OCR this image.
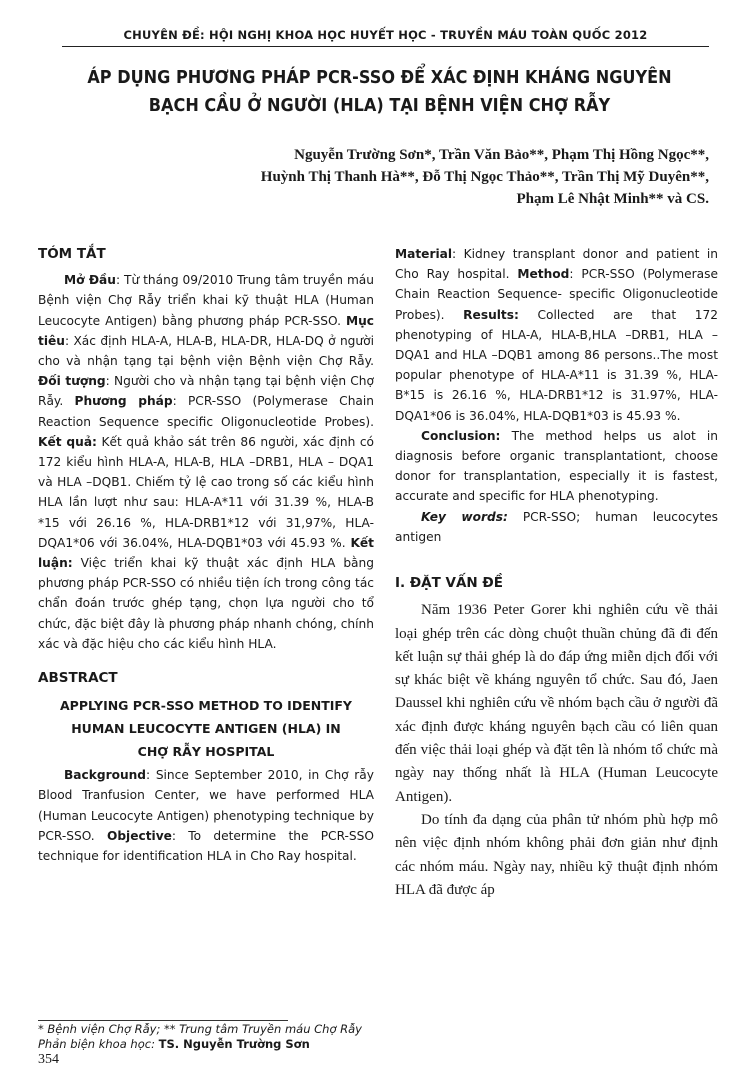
CHUYÊN ĐỀ: HỘI NGHỊ KHOA HỌC HUYẾT HỌC - TRUYỀN MÁU TOÀN QUỐC 2012
ÁP DỤNG PHƯƠNG PHÁP PCR-SSO ĐỂ XÁC ĐỊNH KHÁNG NGUYÊN
BẠCH CẦU Ở NGƯỜI (HLA) TẠI BỆNH VIỆN CHỢ RẪY
Nguyễn Trường Sơn*, Trần Văn Bảo**, Phạm Thị Hồng Ngọc**,
Huỳnh Thị Thanh Hà**, Đỗ Thị Ngọc Thảo**, Trần Thị Mỹ Duyên**,
Phạm Lê Nhật Minh** và CS.
TÓM TẮT

Mở Đầu: Từ tháng 09/2010 Trung tâm truyền máu Bệnh viện Chợ Rẫy triển khai kỹ thuật HLA (Human Leucocyte Antigen) bằng phương pháp PCR-SSO. Mục tiêu: Xác định HLA-A, HLA-B, HLA-DR, HLA-DQ ở người cho và nhận tạng tại bệnh viện Bệnh viện Chợ Rẫy. Đối tượng: Người cho và nhận tạng tại bệnh viện Chợ Rẫy. Phương pháp: PCR-SSO (Polymerase Chain Reaction Sequence specific Oligonucleotide Probes). Kết quả: Kết quả khảo sát trên 86 người, xác định có 172 kiểu hình HLA-A, HLA-B, HLA –DRB1, HLA – DQA1 và HLA –DQB1. Chiếm tỷ lệ cao trong số các kiểu hình HLA lần lượt như sau: HLA-A*11 với 31.39 %, HLA-B *15 với 26.16 %, HLA-DRB1*12 với 31,97%, HLA-DQA1*06 với 36.04%, HLA-DQB1*03 với 45.93 %. Kết luận: Việc triển khai kỹ thuật xác định HLA bằng phương pháp PCR-SSO có nhiều tiện ích trong công tác chẩn đoán trước ghép tạng, chọn lựa người cho tổ chức, đặc biệt đây là phương pháp nhanh chóng, chính xác và đặc hiệu cho các kiểu hình HLA.

ABSTRACT
APPLYING PCR-SSO METHOD TO IDENTIFY
HUMAN LEUCOCYTE ANTIGEN (HLA) IN
CHỢ RẪY HOSPITAL

Background: Since September 2010, in Chợ rẫy Blood Tranfusion Center, we have performed HLA (Human Leucocyte Antigen) phenotyping technique by PCR-SSO. Objective: To determine the PCR-SSO technique for identification HLA in Cho Ray hospital.

Material: Kidney transplant donor and patient in Cho Ray hospital. Method: PCR-SSO (Polymerase Chain Reaction Sequence- specific Oligonucleotide Probes). Results: Collected are that 172 phenotyping of HLA-A, HLA-B,HLA –DRB1, HLA – DQA1 and HLA –DQB1 among 86 persons..The most popular phenotype of HLA-A*11 is 31.39 %, HLA-B*15 is 26.16 %, HLA-DRB1*12 is 31.97%, HLA-DQA1*06 is 36.04%, HLA-DQB1*03 is 45.93 %.

Conclusion: The method helps us alot in diagnosis before organic transplantationt, choose donor for transplantation, especially it is fastest, accurate and specific for HLA phenotyping.

Key words: PCR-SSO; human leucocytes antigen

I. ĐẶT VẤN ĐỀ

Năm 1936 Peter Gorer khi nghiên cứu về thải loại ghép trên các dòng chuột thuần chủng đã đi đến kết luận sự thải ghép là do đáp ứng miễn dịch đối với sự khác biệt về kháng nguyên tổ chức. Sau đó, Jaen Daussel khi nghiên cứu về nhóm bạch cầu ở người đã xác định được kháng nguyên bạch cầu có liên quan đến việc thải loại ghép và đặt tên là nhóm tổ chức mà ngày nay thống nhất là HLA (Human Leucocyte Antigen).

Do tính đa dạng của phân tử nhóm phù hợp mô nên việc định nhóm không phải đơn giản như định các nhóm máu. Ngày nay, nhiều kỹ thuật định nhóm HLA đã được áp

* Bệnh viện Chợ Rẫy; ** Trung tâm Truyền máu Chợ Rẫy
Phản biện khoa học: TS. Nguyễn Trường Sơn
354
